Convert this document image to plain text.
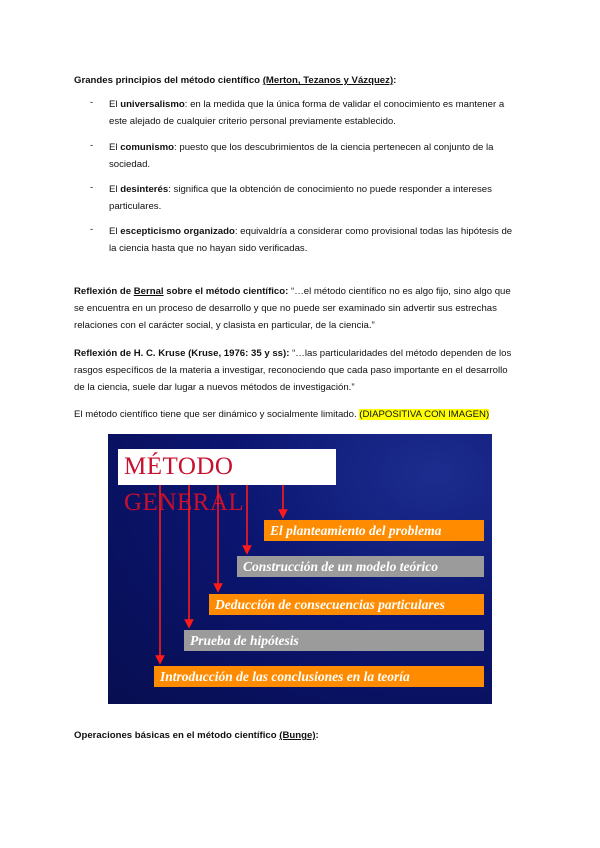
Grandes principios del método científico (Merton, Tezanos y Vázquez):
- El universalismo: en la medida que la única forma de validar el conocimiento es mantener a
este alejado de cualquier criterio personal previamente establecido.
- El comunismo: puesto que los descubrimientos de la ciencia pertenecen al conjunto de la
sociedad.
- El desinterés: significa que la obtención de conocimiento no puede responder a intereses
particulares.
- El escepticismo organizado: equivaldría a considerar como provisional todas las hipótesis de
la ciencia hasta que no hayan sido verificadas.
Reflexión de Bernal sobre el método científico: “…el método científico no es algo fijo, sino algo que
se encuentra en un proceso de desarrollo y que no puede ser examinado sin advertir sus estrechas
relaciones con el carácter social, y clasista en particular, de la ciencia.”
Reflexión de H. C. Kruse (Kruse, 1976: 35 y ss): “…las particularidades del método dependen de los
rasgos específicos de la materia a investigar, reconociendo que cada paso importante en el desarrollo
de la ciencia, suele dar lugar a nuevos métodos de investigación.”
El método científico tiene que ser dinámico y socialmente limitado. (DIAPOSITIVA CON IMAGEN)
MÉTODO GENERAL
El planteamiento del problema
Construcción de un modelo teórico
Deducción de consecuencias particulares
Prueba de hipótesis
Introducción de las conclusiones en la teoría
Operaciones básicas en el método científico (Bunge):
